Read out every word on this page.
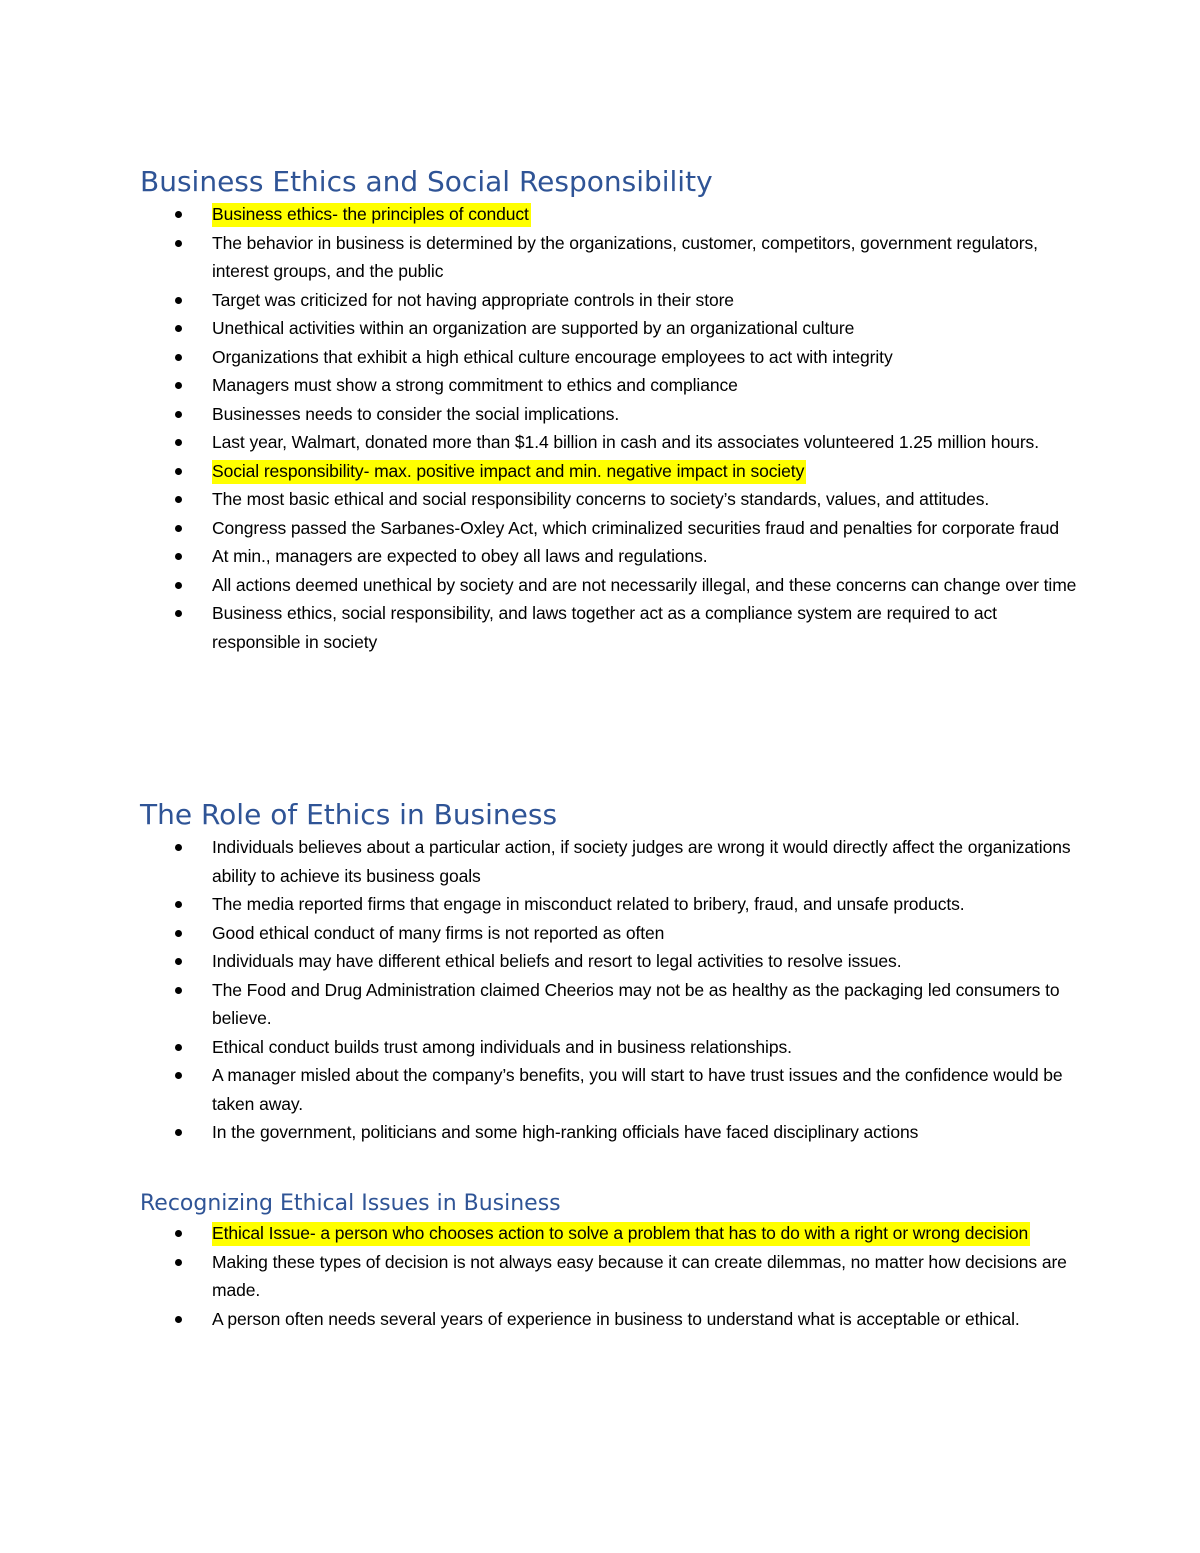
Business Ethics and Social Responsibility
Business ethics- the principles of conduct
The behavior in business is determined by the organizations, customer, competitors, government regulators, interest groups, and the public
Target was criticized for not having appropriate controls in their store
Unethical activities within an organization are supported by an organizational culture
Organizations that exhibit a high ethical culture encourage employees to act with integrity
Managers must show a strong commitment to ethics and compliance
Businesses needs to consider the social implications.
Last year, Walmart, donated more than $1.4 billion in cash and its associates volunteered 1.25 million hours.
Social responsibility- max. positive impact and min. negative impact in society
The most basic ethical and social responsibility concerns to society’s standards, values, and attitudes.
Congress passed the Sarbanes-Oxley Act, which criminalized securities fraud and penalties for corporate fraud
At min., managers are expected to obey all laws and regulations.
All actions deemed unethical by society and are not necessarily illegal, and these concerns can change over time
Business ethics, social responsibility, and laws together act as a compliance system are required to act responsible in society
The Role of Ethics in Business
Individuals believes about a particular action, if society judges are wrong it would directly affect the organizations ability to achieve its business goals
The media reported firms that engage in misconduct related to bribery, fraud, and unsafe products.
Good ethical conduct of many firms is not reported as often
Individuals may have different ethical beliefs and resort to legal activities to resolve issues.
The Food and Drug Administration claimed Cheerios may not be as healthy as the packaging led consumers to believe.
Ethical conduct builds trust among individuals and in business relationships.
A manager misled about the company’s benefits, you will start to have trust issues and the confidence would be taken away.
In the government, politicians and some high-ranking officials have faced disciplinary actions
Recognizing Ethical Issues in Business
Ethical Issue- a person who chooses action to solve a problem that has to do with a right or wrong decision
Making these types of decision is not always easy because it can create dilemmas, no matter how decisions are made.
A person often needs several years of experience in business to understand what is acceptable or ethical.
